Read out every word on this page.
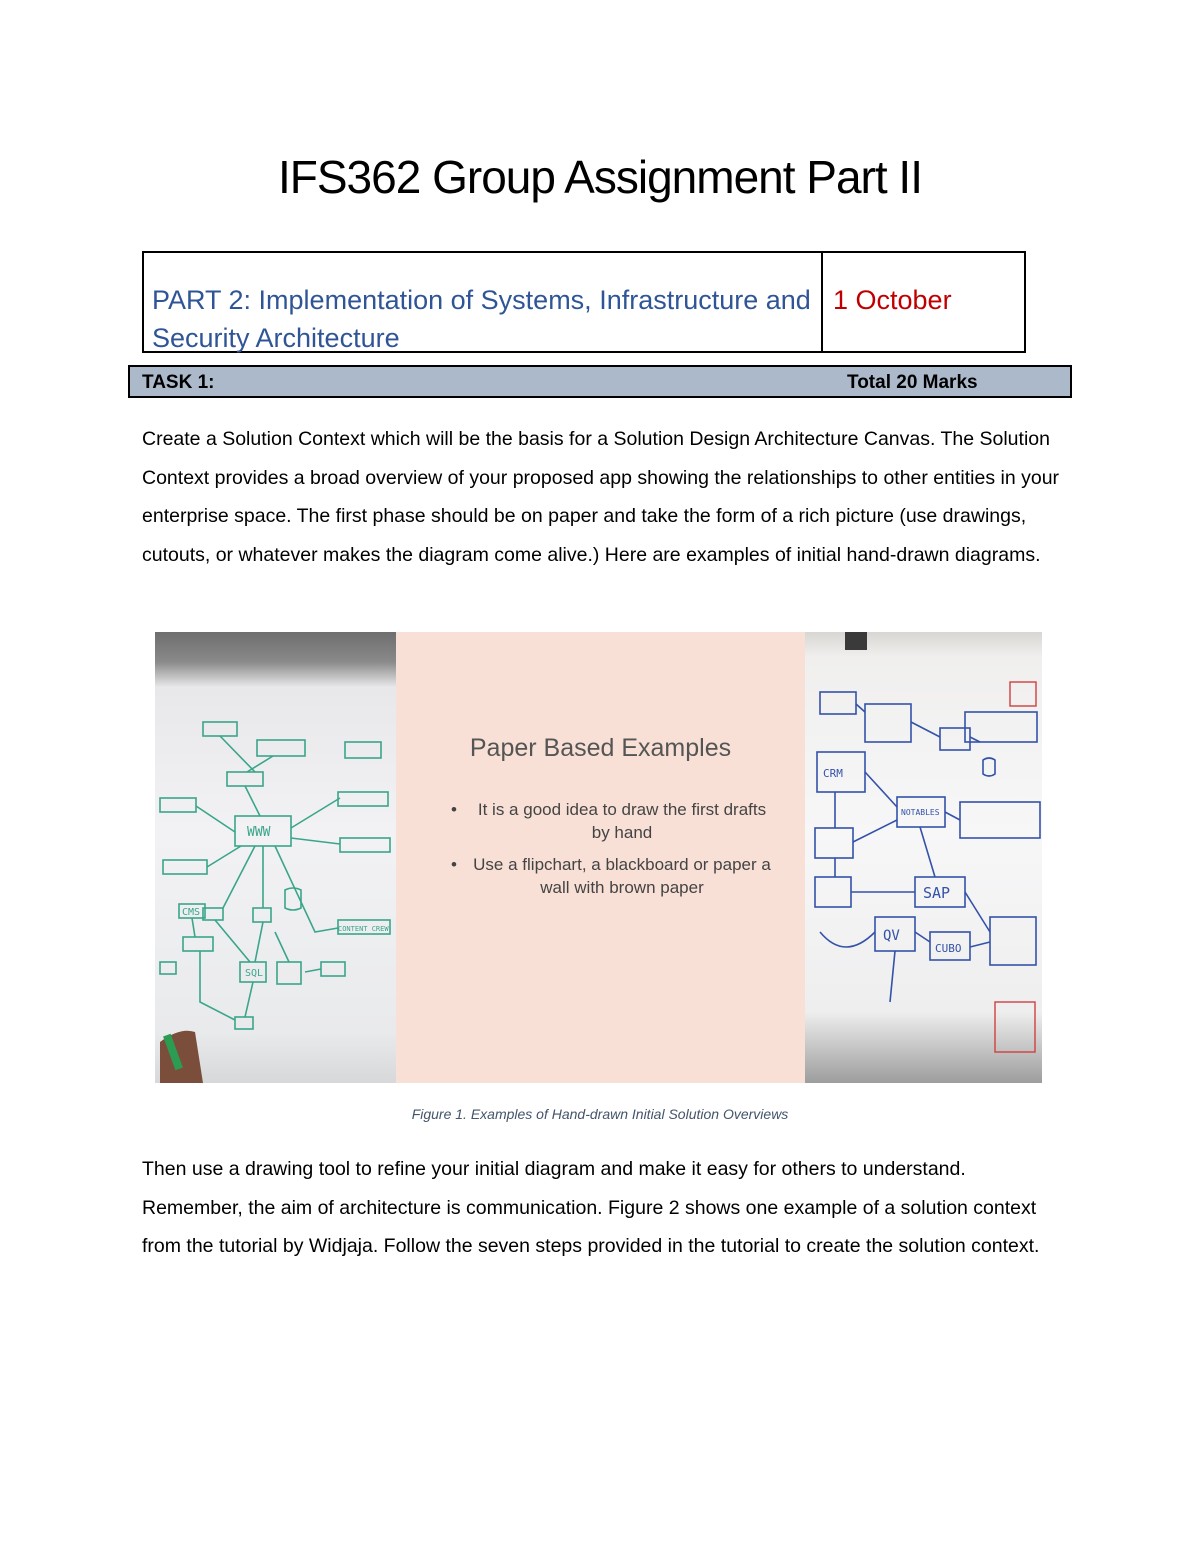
IFS362 Group Assignment Part II
PART 2: Implementation of Systems, Infrastructure and Security Architecture
1 October
TASK 1:	Total 20 Marks
Create a Solution Context which will be the basis for a Solution Design Architecture Canvas. The Solution Context provides a broad overview of your proposed app showing the relationships to other entities in your enterprise space. The first phase should be on paper and take the form of a rich picture (use drawings, cutouts, or whatever makes the diagram come alive.) Here are examples of initial hand-drawn diagrams.
WWW
CMS
SQL
CONTENT CREW
Paper Based Examples
• It is a good idea to draw the first drafts by hand
• Use a flipchart, a blackboard or paper a wall with brown paper
CRM
SAP
QV
CUBO
NOTABLES
Figure 1. Examples of Hand-drawn Initial Solution Overviews
Then use a drawing tool to refine your initial diagram and make it easy for others to understand. Remember, the aim of architecture is communication. Figure 2 shows one example of a solution context from the tutorial by Widjaja. Follow the seven steps provided in the tutorial to create the solution context.
